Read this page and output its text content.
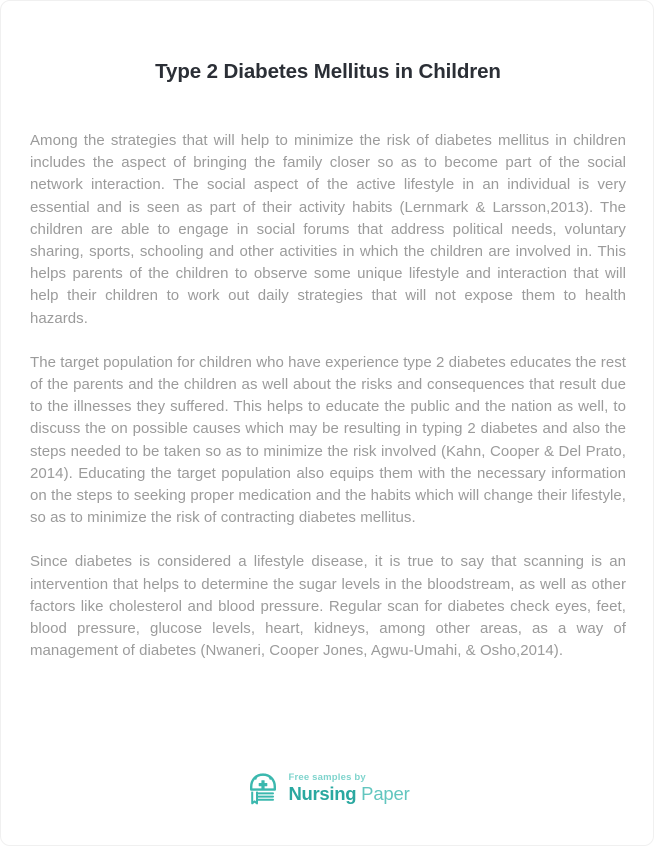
Type 2 Diabetes Mellitus in Children

Among the strategies that will help to minimize the risk of diabetes mellitus in children includes the aspect of bringing the family closer so as to become part of the social network interaction. The social aspect of the active lifestyle in an individual is very essential and is seen as part of their activity habits (Lernmark & Larsson,2013). The children are able to engage in social forums that address political needs, voluntary sharing, sports, schooling and other activities in which the children are involved in. This helps parents of the children to observe some unique lifestyle and interaction that will help their children to work out daily strategies that will not expose them to health hazards.

The target population for children who have experience type 2 diabetes educates the rest of the parents and the children as well about the risks and consequences that result due to the illnesses they suffered. This helps to educate the public and the nation as well, to discuss the on possible causes which may be resulting in typing 2 diabetes and also the steps needed to be taken so as to minimize the risk involved (Kahn, Cooper & Del Prato, 2014). Educating the target population also equips them with the necessary information on the steps to seeking proper medication and the habits which will change their lifestyle, so as to minimize the risk of contracting diabetes mellitus.

Since diabetes is considered a lifestyle disease, it is true to say that scanning is an intervention that helps to determine the sugar levels in the bloodstream, as well as other factors like cholesterol and blood pressure. Regular scan for diabetes check eyes, feet, blood pressure, glucose levels, heart, kidneys, among other areas, as a way of management of diabetes (Nwaneri, Cooper Jones, Agwu-Umahi, & Osho,2014).

Free samples by
Nursing Paper
